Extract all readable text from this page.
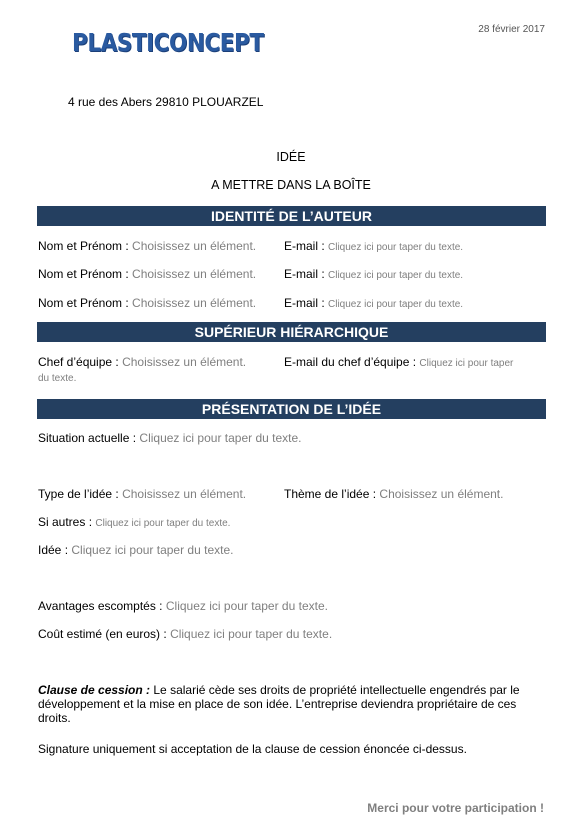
PLASTICONCEPT	28 février 2017
4 rue des Abers 29810 PLOUARZEL
IDÉE
A METTRE DANS LA BOÎTE
IDENTITÉ DE L’AUTEUR
Nom et Prénom : Choisissez un élément. E-mail : Cliquez ici pour taper du texte.
Nom et Prénom : Choisissez un élément. E-mail : Cliquez ici pour taper du texte.
Nom et Prénom : Choisissez un élément. E-mail : Cliquez ici pour taper du texte.
SUPÉRIEUR HIÉRARCHIQUE
Chef d’équipe : Choisissez un élément.	E-mail du chef d’équipe : Cliquez ici pour taper
du texte.
PRÉSENTATION DE L’IDÉE
Situation actuelle : Cliquez ici pour taper du texte.
Type de l’idée : Choisissez un élément.	Thème de l’idée : Choisissez un élément.
Si autres : Cliquez ici pour taper du texte.
Idée : Cliquez ici pour taper du texte.
Avantages escomptés : Cliquez ici pour taper du texte.
Coût estimé (en euros) : Cliquez ici pour taper du texte.
Clause de cession : Le salarié cède ses droits de propriété intellectuelle engendrés par le développement et la mise en place de son idée. L’entreprise deviendra propriétaire de ces droits.
Signature uniquement si acceptation de la clause de cession énoncée ci-dessus.
Merci pour votre participation !
